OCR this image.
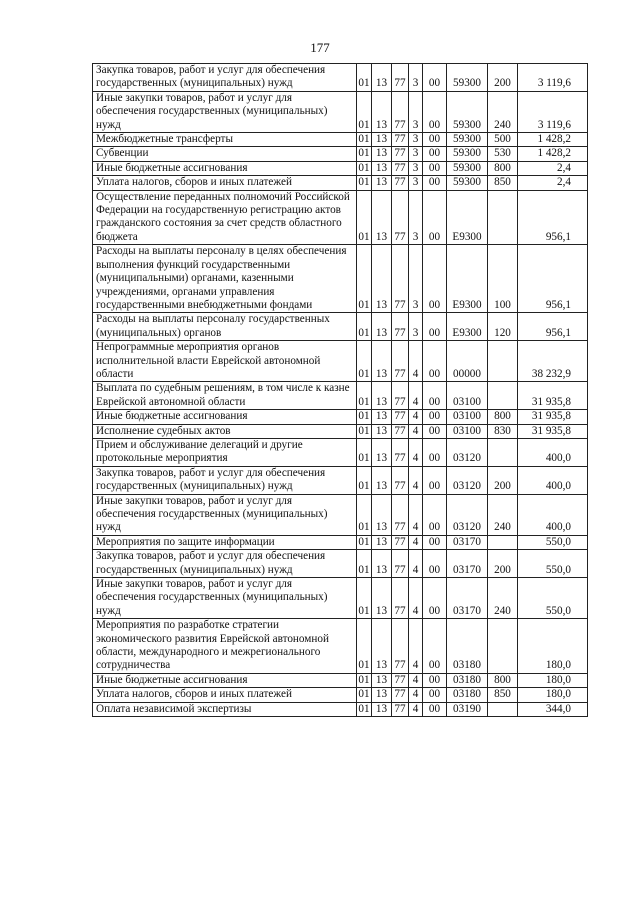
177
Закупка товаров, работ и услуг для обеспечения государственных (муниципальных) нужд	01	13	77	3	00	59300	200	3 119,6
Иные закупки товаров, работ и услуг для обеспечения государственных (муниципальных) нужд	01	13	77	3	00	59300	240	3 119,6
Межбюджетные трансферты	01	13	77	3	00	59300	500	1 428,2
Субвенции	01	13	77	3	00	59300	530	1 428,2
Иные бюджетные ассигнования	01	13	77	3	00	59300	800	2,4
Уплата налогов, сборов и иных платежей	01	13	77	3	00	59300	850	2,4
Осуществление переданных полномочий Российской Федерации на государственную регистрацию актов гражданского состояния за счет средств областного бюджета	01	13	77	3	00	E9300		956,1
Расходы на выплаты персоналу в целях обеспечения выполнения функций государственными (муниципальными) органами, казенными учреждениями, органами управления государственными внебюджетными фондами	01	13	77	3	00	E9300	100	956,1
Расходы на выплаты персоналу государственных (муниципальных) органов	01	13	77	3	00	E9300	120	956,1
Непрограммные мероприятия органов исполнительной власти Еврейской автономной области	01	13	77	4	00	00000		38 232,9
Выплата по судебным решениям, в том числе к казне Еврейской автономной области	01	13	77	4	00	03100		31 935,8
Иные бюджетные ассигнования	01	13	77	4	00	03100	800	31 935,8
Исполнение судебных актов	01	13	77	4	00	03100	830	31 935,8
Прием и обслуживание делегаций и другие протокольные мероприятия	01	13	77	4	00	03120		400,0
Закупка товаров, работ и услуг для обеспечения государственных (муниципальных) нужд	01	13	77	4	00	03120	200	400,0
Иные закупки товаров, работ и услуг для обеспечения государственных (муниципальных) нужд	01	13	77	4	00	03120	240	400,0
Мероприятия по защите информации	01	13	77	4	00	03170		550,0
Закупка товаров, работ и услуг для обеспечения государственных (муниципальных) нужд	01	13	77	4	00	03170	200	550,0
Иные закупки товаров, работ и услуг для обеспечения государственных (муниципальных) нужд	01	13	77	4	00	03170	240	550,0
Мероприятия по разработке стратегии экономического развития Еврейской автономной области, международного и межрегионального сотрудничества	01	13	77	4	00	03180		180,0
Иные бюджетные ассигнования	01	13	77	4	00	03180	800	180,0
Уплата налогов, сборов и иных платежей	01	13	77	4	00	03180	850	180,0
Оплата независимой экспертизы	01	13	77	4	00	03190		344,0
